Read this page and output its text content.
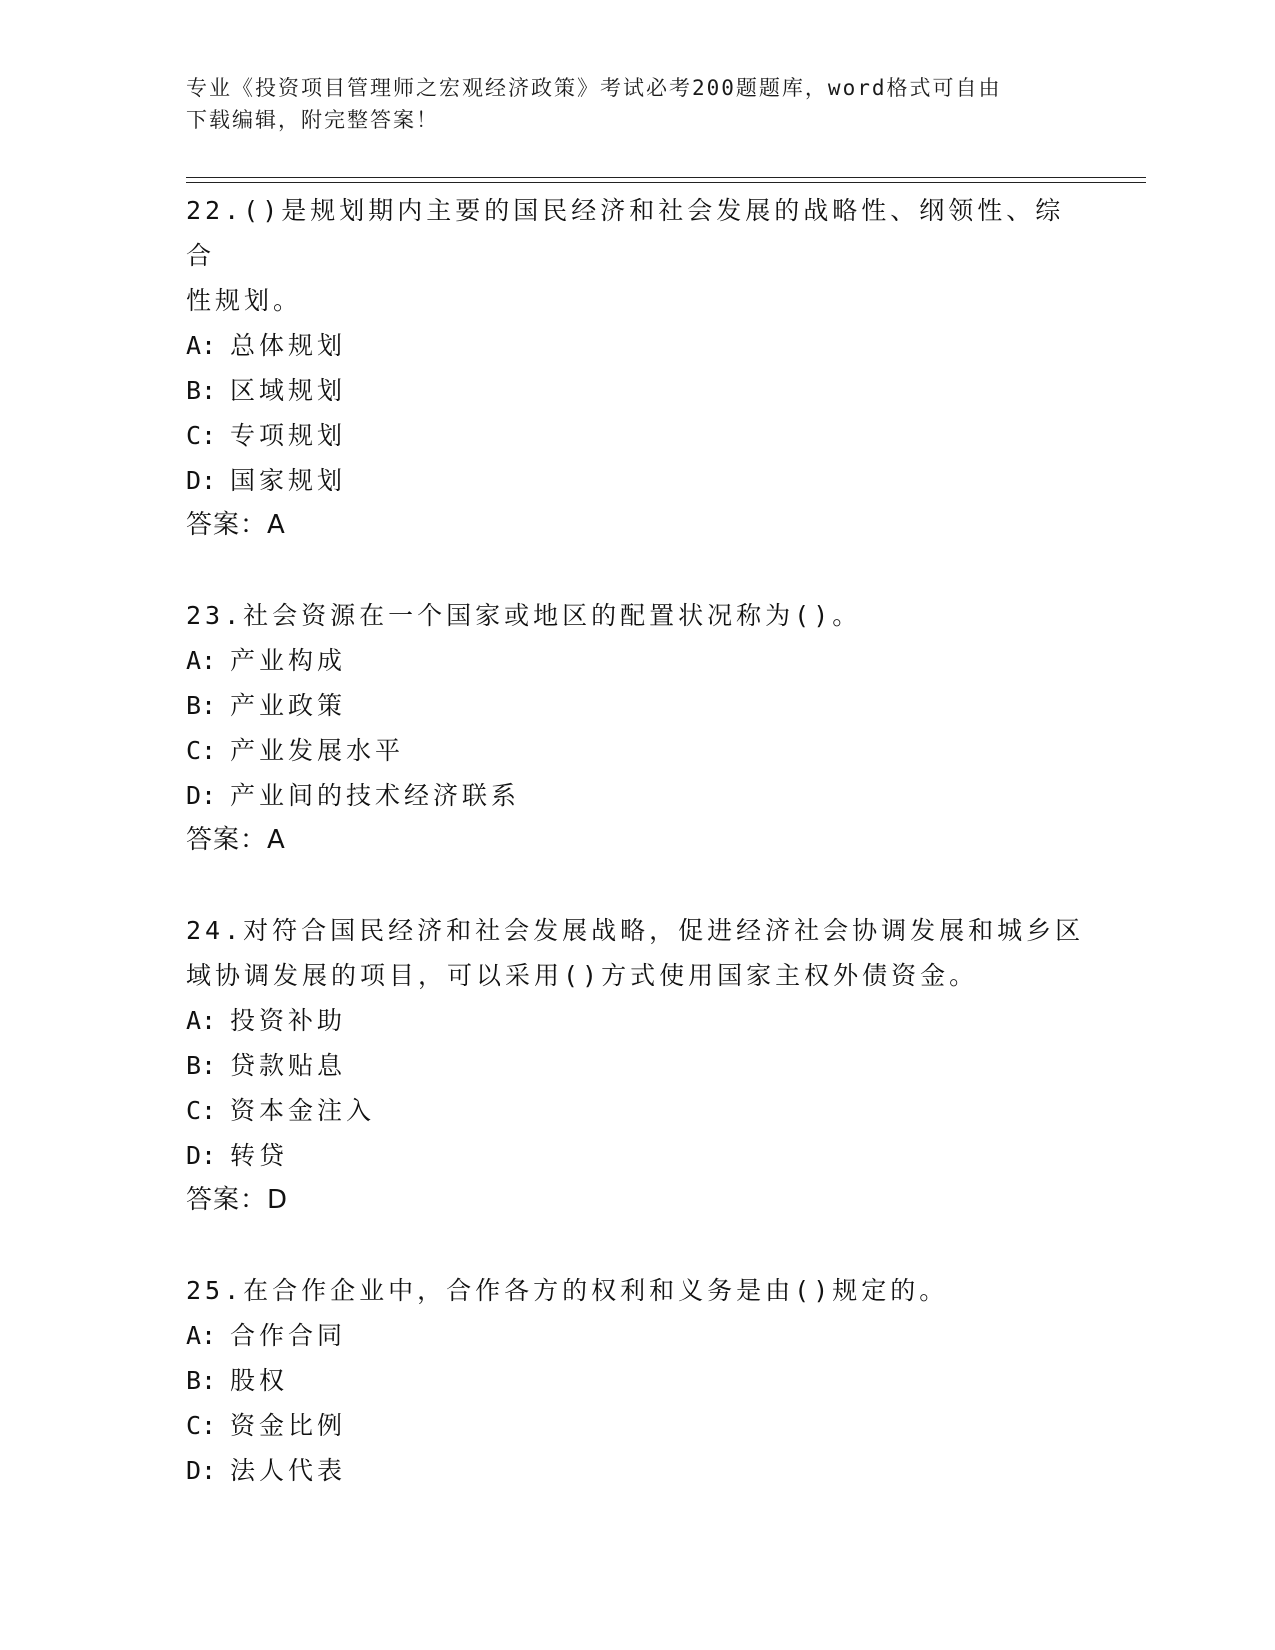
专业《投资项目管理师之宏观经济政策》考试必考200题题库，word格式可自由
下载编辑，附完整答案！
22.()是规划期内主要的国民经济和社会发展的战略性、纲领性、综合
性规划。
A: 总体规划
B: 区域规划
C: 专项规划
D: 国家规划
答案：A
23.社会资源在一个国家或地区的配置状况称为()。
A: 产业构成
B: 产业政策
C: 产业发展水平
D: 产业间的技术经济联系
答案：A
24.对符合国民经济和社会发展战略，促进经济社会协调发展和城乡区
域协调发展的项目，可以采用()方式使用国家主权外债资金。
A: 投资补助
B: 贷款贴息
C: 资本金注入
D: 转贷
答案：D
25.在合作企业中，合作各方的权利和义务是由()规定的。
A: 合作合同
B: 股权
C: 资金比例
D: 法人代表
